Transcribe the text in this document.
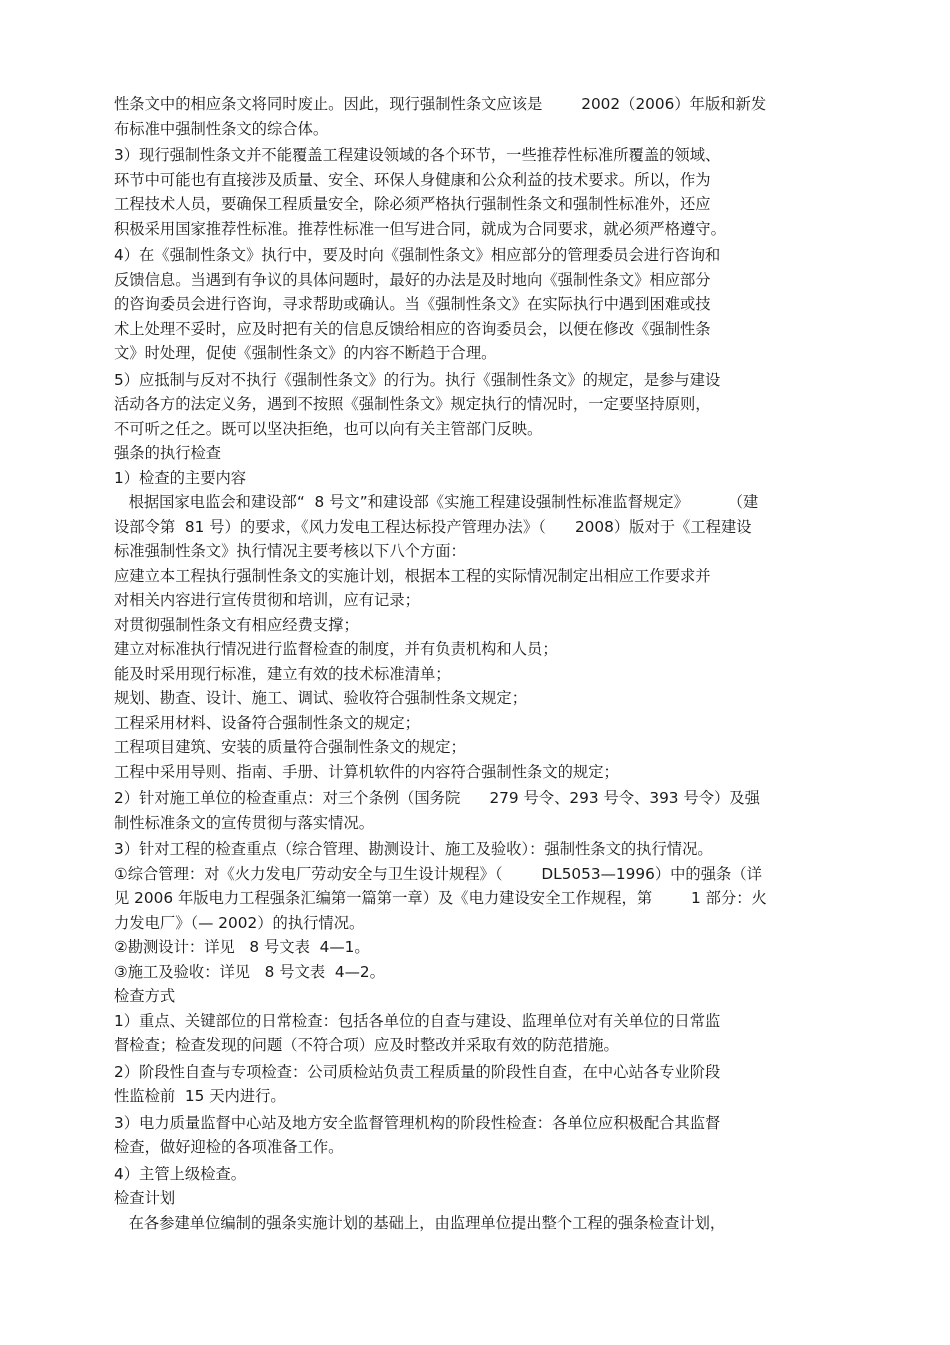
性条文中的相应条文将同时废止。因此，现行强制性条文应该是        2002（2006）年版和新发
布标准中强制性条文的综合体。
3）现行强制性条文并不能覆盖工程建设领域的各个环节，一些推荐性标准所覆盖的领域、
环节中可能也有直接涉及质量、安全、环保人身健康和公众利益的技术要求。所以，作为
工程技术人员，要确保工程质量安全，除必须严格执行强制性条文和强制性标准外，还应
积极采用国家推荐性标准。推荐性标准一但写进合同，就成为合同要求，就必须严格遵守。
4）在《强制性条文》执行中，要及时向《强制性条文》相应部分的管理委员会进行咨询和
反馈信息。当遇到有争议的具体问题时，最好的办法是及时地向《强制性条文》相应部分
的咨询委员会进行咨询，寻求帮助或确认。当《强制性条文》在实际执行中遇到困难或技
术上处理不妥时，应及时把有关的信息反馈给相应的咨询委员会，以便在修改《强制性条
文》时处理，促使《强制性条文》的内容不断趋于合理。
5）应抵制与反对不执行《强制性条文》的行为。执行《强制性条文》的规定，是参与建设
活动各方的法定义务，遇到不按照《强制性条文》规定执行的情况时，一定要坚持原则，
不可听之任之。既可以坚决拒绝，也可以向有关主管部门反映。
强条的执行检查
1）检查的主要内容
根据国家电监会和建设部“  8 号文”和建设部《实施工程建设强制性标准监督规定》        （建
设部令第  81 号）的要求，《风力发电工程达标投产管理办法》（      2008）版对于《工程建设
标准强制性条文》执行情况主要考核以下八个方面：
应建立本工程执行强制性条文的实施计划，根据本工程的实际情况制定出相应工作要求并
对相关内容进行宣传贯彻和培训，应有记录；
对贯彻强制性条文有相应经费支撑；
建立对标准执行情况进行监督检查的制度，并有负责机构和人员；
能及时采用现行标准，建立有效的技术标准清单；
规划、勘查、设计、施工、调试、验收符合强制性条文规定；
工程采用材料、设备符合强制性条文的规定；
工程项目建筑、安装的质量符合强制性条文的规定；
工程中采用导则、指南、手册、计算机软件的内容符合强制性条文的规定；
2）针对施工单位的检查重点：对三个条例（国务院      279 号令、293 号令、393 号令）及强
制性标准条文的宣传贯彻与落实情况。
3）针对工程的检查重点（综合管理、勘测设计、施工及验收）：强制性条文的执行情况。
①综合管理：对《火力发电厂劳动安全与卫生设计规程》（        DL5053—1996）中的强条（详
见 2006 年版电力工程强条汇编第一篇第一章）及《电力建设安全工作规程，第        1 部分：火
力发电厂》（— 2002）的执行情况。
②勘测设计：详见   8 号文表  4—1。
③施工及验收：详见   8 号文表  4—2。
检查方式
1）重点、关键部位的日常检查：包括各单位的自查与建设、监理单位对有关单位的日常监
督检查；检查发现的问题（不符合项）应及时整改并采取有效的防范措施。
2）阶段性自查与专项检查：公司质检站负责工程质量的阶段性自查，在中心站各专业阶段
性监检前  15 天内进行。
3）电力质量监督中心站及地方安全监督管理机构的阶段性检查：各单位应积极配合其监督
检查，做好迎检的各项准备工作。
4）主管上级检查。
检查计划
在各参建单位编制的强条实施计划的基础上，由监理单位提出整个工程的强条检查计划，
